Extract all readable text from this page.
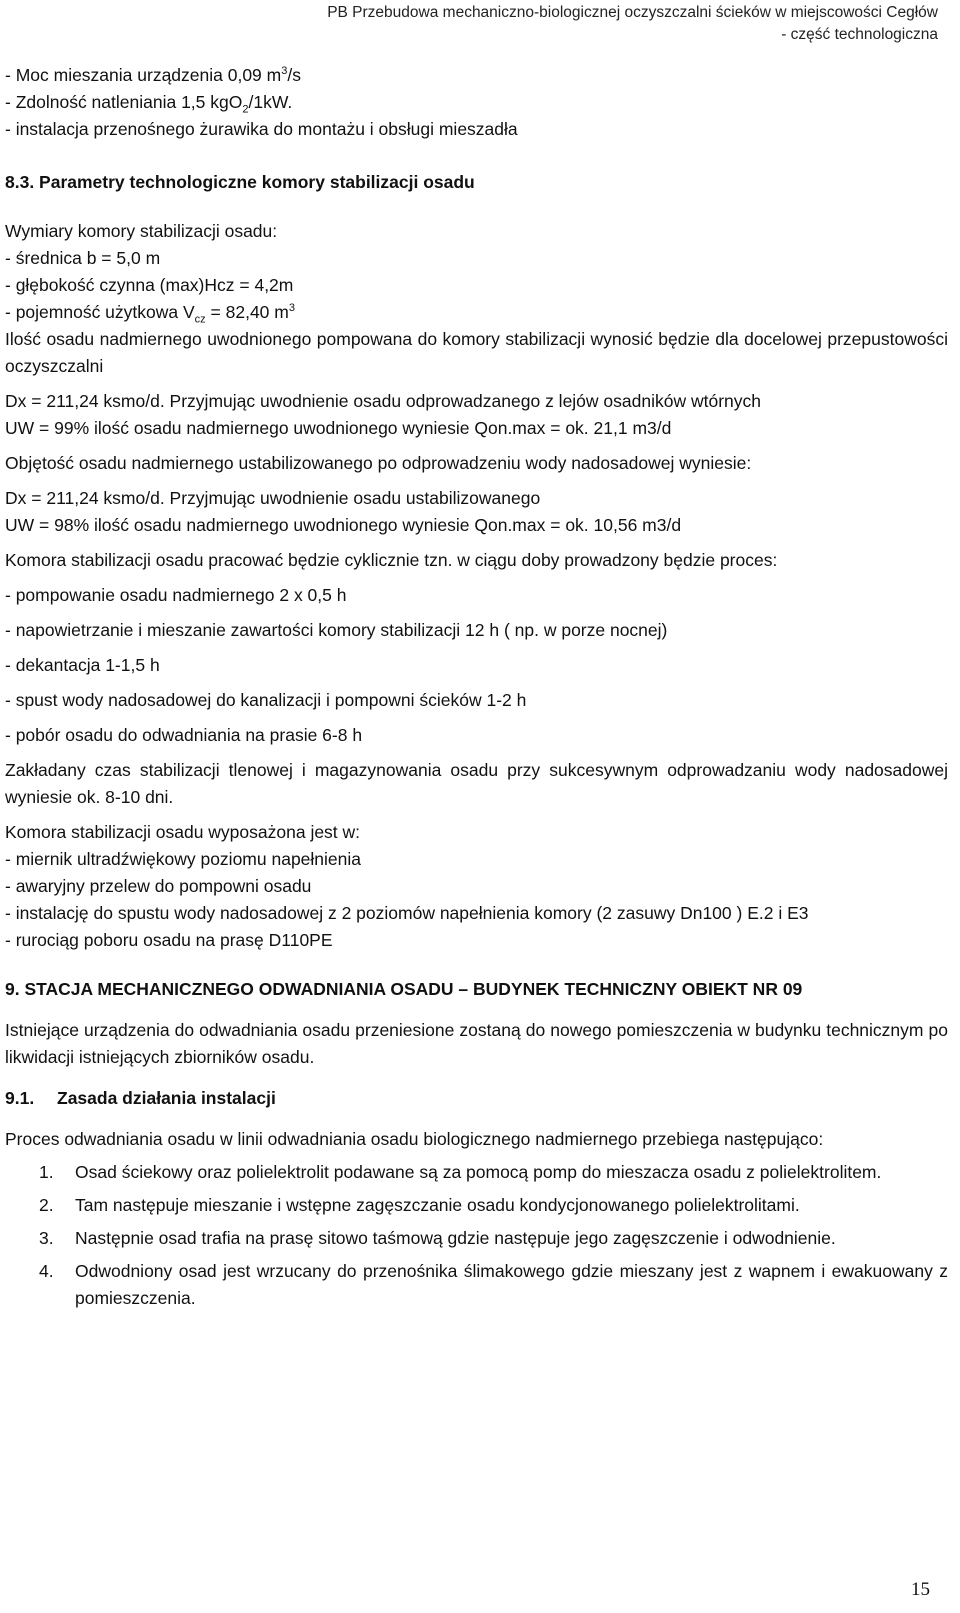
PB Przebudowa mechaniczno-biologicznej oczyszczalni ścieków w miejscowości Cegłów
- część technologiczna
- Moc mieszania urządzenia 0,09 $m^3/s$
- Zdolność natleniania 1,5 kgO$_2$/1kW.
- instalacja przenośnego żurawika do montażu i obsługi mieszadła
8.3. Parametry technologiczne komory stabilizacji osadu
Wymiary komory stabilizacji osadu:
- średnica b = 5,0 m
- głębokość czynna (max)Hcz = 4,2m
- pojemność użytkowa $V_{cz} = 82,40$ $m^3$
Ilość osadu nadmiernego uwodnionego pompowana do komory stabilizacji wynosić będzie dla docelowej przepustowości oczyszczalni
Dx = 211,24 ksmo/d. Przyjmując uwodnienie osadu odprowadzanego z lejów osadników wtórnych
UW = 99% ilość osadu nadmiernego uwodnionego wyniesie Qon.max = ok. 21,1 m3/d
Objętość osadu nadmiernego ustabilizowanego po odprowadzeniu wody nadosadowej wyniesie:
Dx = 211,24 ksmo/d. Przyjmując uwodnienie osadu ustabilizowanego
UW = 98% ilość osadu nadmiernego uwodnionego wyniesie Qon.max = ok. 10,56 m3/d
Komora stabilizacji osadu pracować będzie cyklicznie tzn. w ciągu doby prowadzony będzie proces:
- pompowanie osadu nadmiernego 2 x 0,5 h
- napowietrzanie i mieszanie zawartości komory stabilizacji 12 h ( np. w porze nocnej)
- dekantacja 1-1,5 h
- spust wody nadosadowej do kanalizacji i pompowni ścieków 1-2 h
- pobór osadu do odwadniania na prasie 6-8 h
Zakładany czas stabilizacji tlenowej i magazynowania osadu przy sukcesywnym odprowadzaniu wody nadosadowej wyniesie ok. 8-10 dni.
Komora stabilizacji osadu wyposażona jest w:
- miernik ultradźwiękowy poziomu napełnienia
- awaryjny przelew do pompowni osadu
- instalację do spustu wody nadosadowej z 2 poziomów napełnienia komory (2 zasuwy Dn100 ) E.2 i E3
- rurociąg poboru osadu na prasę D110PE
9. STACJA MECHANICZNEGO ODWADNIANIA OSADU – BUDYNEK TECHNICZNY OBIEKT NR 09
Istniejące urządzenia do odwadniania osadu przeniesione zostaną do nowego pomieszczenia w budynku technicznym po likwidacji istniejących zbiorników osadu.
9.1. Zasada działania instalacji
Proces odwadniania osadu w linii odwadniania osadu biologicznego nadmiernego przebiega następująco:
1.	Osad ściekowy oraz polielektrolit podawane są za pomocą pomp do mieszacza osadu z polielektrolitem.
2.	Tam następuje mieszanie i wstępne zagęszczanie osadu kondycjonowanego polielektrolitami.
3.	Następnie osad trafia na prasę sitowo taśmową gdzie następuje jego zagęszczenie i odwodnienie.
4.	Odwodniony osad jest wrzucany do przenośnika ślimakowego gdzie mieszany jest z wapnem i ewakuowany z pomieszczenia.
15
